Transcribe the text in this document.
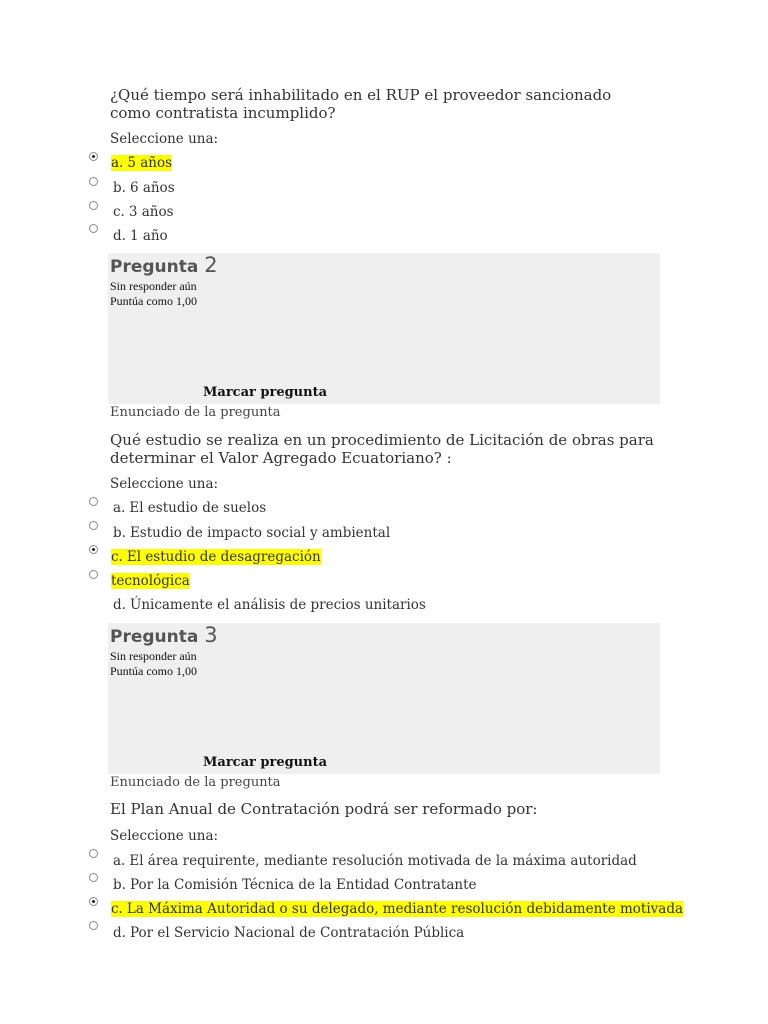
¿Qué tiempo será inhabilitado en el RUP el proveedor sancionado
como contratista incumplido?
Seleccione una:
a. 5 años
b. 6 años
c. 3 años
d. 1 año
Pregunta 2
Sin responder aún
Puntúa como 1,00
Marcar pregunta
Enunciado de la pregunta
Qué estudio se realiza en un procedimiento de Licitación de obras para
determinar el Valor Agregado Ecuatoriano? :
Seleccione una:
a. El estudio de suelos
b. Estudio de impacto social y ambiental
c. El estudio de desagregación
tecnológica
d. Únicamente el análisis de precios unitarios
Pregunta 3
Sin responder aún
Puntúa como 1,00
Marcar pregunta
Enunciado de la pregunta
El Plan Anual de Contratación podrá ser reformado por:
Seleccione una:
a. El área requirente, mediante resolución motivada de la máxima autoridad
b. Por la Comisión Técnica de la Entidad Contratante
c. La Máxima Autoridad o su delegado, mediante resolución debidamente motivada
d. Por el Servicio Nacional de Contratación Pública
